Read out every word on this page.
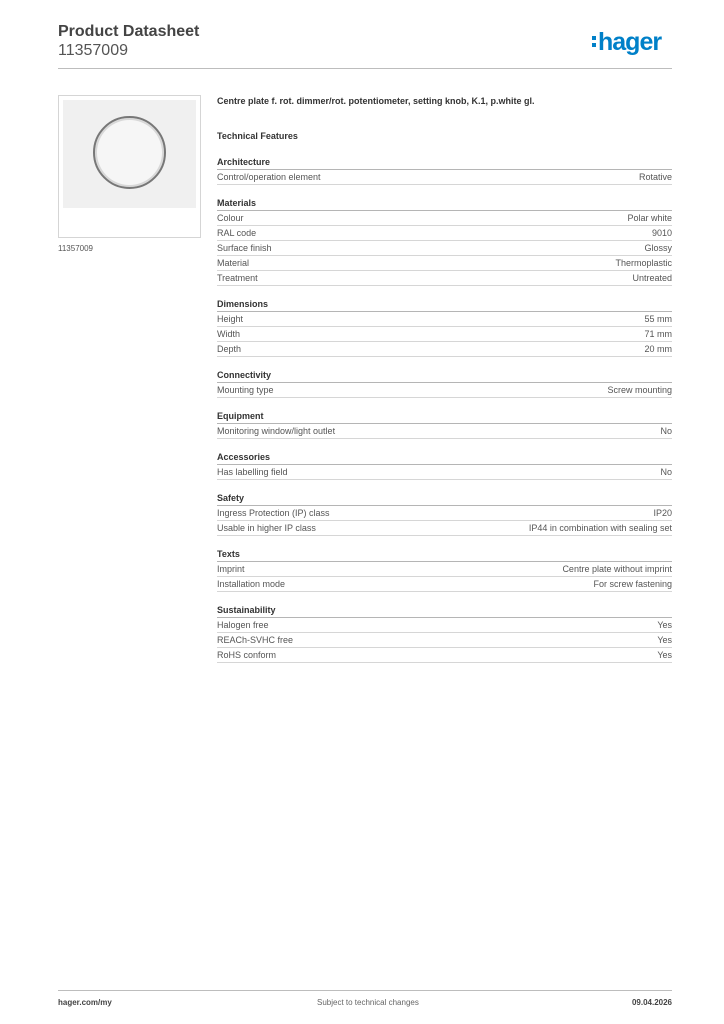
Product Datasheet
11357009	hager
11357009
Centre plate f. rot. dimmer/rot. potentiometer, setting knob, K.1, p.white gl.
Technical Features
Architecture
Control/operation element	Rotative
Materials
Colour	Polar white
RAL code	9010
Surface finish	Glossy
Material	Thermoplastic
Treatment	Untreated
Dimensions
Height	55 mm
Width	71 mm
Depth	20 mm
Connectivity
Mounting type	Screw mounting
Equipment
Monitoring window/light outlet	No
Accessories
Has labelling field	No
Safety
Ingress Protection (IP) class	IP20
Usable in higher IP class	IP44 in combination with sealing set
Texts
Imprint	Centre plate without imprint
Installation mode	For screw fastening
Sustainability
Halogen free	Yes
REACh-SVHC free	Yes
RoHS conform	Yes
hager.com/my	Subject to technical changes	09.04.2026
